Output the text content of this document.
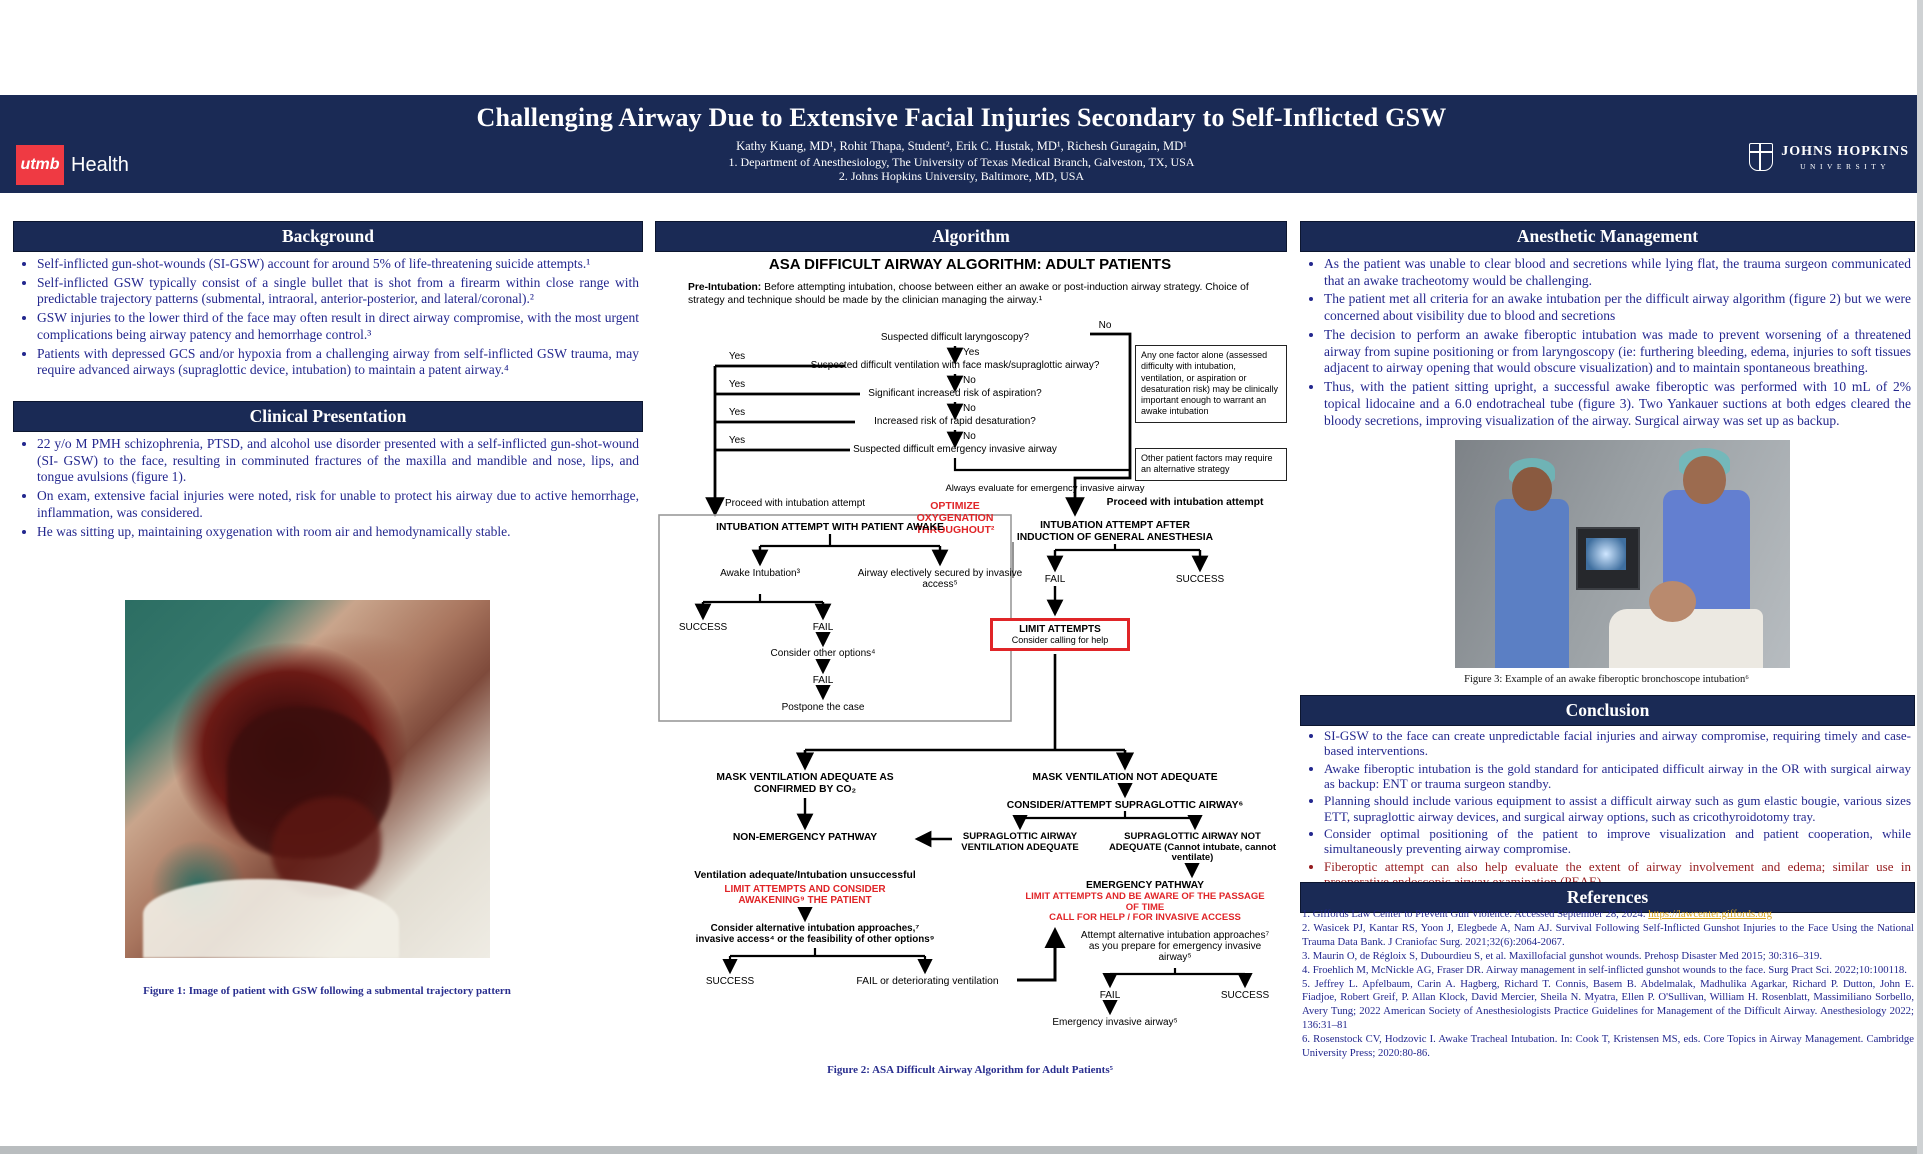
Challenging Airway Due to Extensive Facial Injuries Secondary to Self-Inflicted GSW
Kathy Kuang, MD¹, Rohit Thapa, Student², Erik C. Hustak, MD¹, Richesh Guragain, MD¹
1. Department of Anesthesiology, The University of Texas Medical Branch, Galveston, TX, USA
2. Johns Hopkins University, Baltimore, MD, USA
utmb Health
JOHNS HOPKINS
UNIVERSITY
Background
• Self-inflicted gun-shot-wounds (SI-GSW) account for around 5% of life-threatening suicide attempts.¹
• Self-inflicted GSW typically consist of a single bullet that is shot from a firearm within close range with predictable trajectory patterns (submental, intraoral, anterior-posterior, and lateral/coronal).²
• GSW injuries to the lower third of the face may often result in direct airway compromise, with the most urgent complications being airway patency and hemorrhage control.³
• Patients with depressed GCS and/or hypoxia from a challenging airway from self-inflicted GSW trauma, may require advanced airways (supraglottic device, intubation) to maintain a patent airway.⁴
Clinical Presentation
• 22 y/o M PMH schizophrenia, PTSD, and alcohol use disorder presented with a self-inflicted gun-shot-wound (SI- GSW) to the face, resulting in comminuted fractures of the maxilla and mandible and nose, lips, and tongue avulsions (figure 1).
• On exam, extensive facial injuries were noted, risk for unable to protect his airway due to active hemorrhage, inflammation, was considered.
• He was sitting up, maintaining oxygenation with room air and hemodynamically stable.
Figure 1: Image of patient with GSW following a submental trajectory pattern
Algorithm
ASA DIFFICULT AIRWAY ALGORITHM: ADULT PATIENTS
Pre-Intubation: Before attempting intubation, choose between either an awake or post-induction airway strategy. Choice of strategy and technique should be made by the clinician managing the airway.¹
Suspected difficult laryngoscopy?
Yes
Suspected difficult ventilation with face mask/supraglottic airway?
No
Significant increased risk of aspiration?
No
Increased risk of rapid desaturation?
No
Suspected difficult emergency invasive airway
Yes
Yes
Yes
Yes
No
Any one factor alone (assessed difficulty with intubation, ventilation, or aspiration or desaturation risk) may be clinically important enough to warrant an awake intubation
Other patient factors may require an alternative strategy
Always evaluate for emergency invasive airway
Proceed with intubation attempt	Proceed with intubation attempt
OPTIMIZE OXYGENATION THROUGHOUT²
INTUBATION ATTEMPT WITH PATIENT AWAKE	INTUBATION ATTEMPT AFTER INDUCTION OF GENERAL ANESTHESIA
Awake Intubation³	Airway electively secured by invasive access⁵
SUCCESS	FAIL
Consider other options⁴
FAIL
Postpone the case
FAIL	SUCCESS
LIMIT ATTEMPTS
Consider calling for help
MASK VENTILATION ADEQUATE AS CONFIRMED BY CO₂
MASK VENTILATION NOT ADEQUATE
CONSIDER/ATTEMPT SUPRAGLOTTIC AIRWAY⁶
NON-EMERGENCY PATHWAY	SUPRAGLOTTIC AIRWAY VENTILATION ADEQUATE
SUPRAGLOTTIC AIRWAY NOT ADEQUATE (Cannot intubate, cannot ventilate)
Ventilation adequate/Intubation unsuccessful
LIMIT ATTEMPTS AND CONSIDER AWAKENING⁹ THE PATIENT
EMERGENCY PATHWAY
LIMIT ATTEMPTS AND BE AWARE OF THE PASSAGE OF TIME
CALL FOR HELP / FOR INVASIVE ACCESS
Consider alternative intubation approaches,⁷ invasive access⁴ or the feasibility of other options⁹	Attempt alternative intubation approaches⁷ as you prepare for emergency invasive airway⁵
SUCCESS	FAIL or deteriorating ventilation
FAIL	SUCCESS
Emergency invasive airway⁵
Figure 2: ASA Difficult Airway Algorithm for Adult Patients⁵
Anesthetic Management
• As the patient was unable to clear blood and secretions while lying flat, the trauma surgeon communicated that an awake tracheotomy would be challenging.
• The patient met all criteria for an awake intubation per the difficult airway algorithm (figure 2) but we were concerned about visibility due to blood and secretions
• The decision to perform an awake fiberoptic intubation was made to prevent worsening of a threatened airway from supine positioning or from laryngoscopy (ie: furthering bleeding, edema, injuries to soft tissues adjacent to airway opening that would obscure visualization) and to maintain spontaneous breathing.
• Thus, with the patient sitting upright, a successful awake fiberoptic was performed with 10 mL of 2% topical lidocaine and a 6.0 endotracheal tube (figure 3). Two Yankauer suctions at both edges cleared the bloody secretions, improving visualization of the airway. Surgical airway was set up as backup.
Figure 3: Example of an awake fiberoptic bronchoscope intubation⁶
Conclusion
• SI-GSW to the face can create unpredictable facial injuries and airway compromise, requiring timely and case-based interventions.
• Awake fiberoptic intubation is the gold standard for anticipated difficult airway in the OR with surgical airway as backup: ENT or trauma surgeon standby.
• Planning should include various equipment to assist a difficult airway such as gum elastic bougie, various sizes ETT, supraglottic airway devices, and surgical airway options, such as cricothyroidotomy tray.
• Consider optimal positioning of the patient to improve visualization and patient cooperation, while simultaneously preventing airway compromise.
• Fiberoptic attempt can also help evaluate the extent of airway involvement and edema; similar use in
References
1. Giffords Law Center to Prevent Gun Violence. Accessed September 28, 2024. https://lawcenter.giffords.org
2. Wasicek PJ, Kantar RS, Yoon J, Elegbede A, Nam AJ. Survival Following Self-Inflicted Gunshot Injuries to the Face Using the National Trauma Data Bank. J Craniofac Surg. 2021;32(6):2064-2067.
3. Maurin O, de Régloix S, Dubourdieu S, et al. Maxillofacial gunshot wounds. Prehosp Disaster Med 2015; 30:316–319.
4. Froehlich M, McNickle AG, Fraser DR. Airway management in self-inflicted gunshot wounds to the face. Surg Pract Sci. 2022;10:100118.
5. Jeffrey L. Apfelbaum, Carin A. Hagberg, Richard T. Connis, Basem B. Abdelmalak, Madhulika Agarkar, Richard P. Dutton, John E. Fiadjoe, Robert Greif, P. Allan Klock, David Mercier, Sheila N. Myatra, Ellen P. O'Sullivan, William H. Rosenblatt, Massimiliano Sorbello, Avery Tung; 2022 American Society of Anesthesiologists Practice Guidelines for Management of the Difficult Airway. Anesthesiology 2022; 136:31–81
6. Rosenstock CV, Hodzovic I. Awake Tracheal Intubation. In: Cook T, Kristensen MS, eds. Core Topics in Airway Management. Cambridge University Press; 2020:80-86.
